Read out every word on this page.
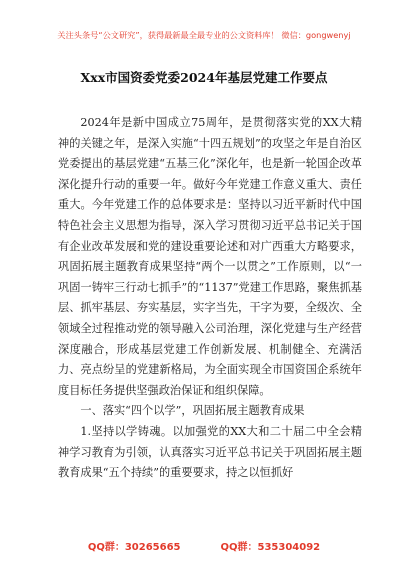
关注头条号“公文研究”，获得最新最全最专业的公文资料库！ 微信：gongwenyj
Xxx市国资委党委2024年基层党建工作要点

2024年是新中国成立75周年，是贯彻落实党的XX大精神的关键之年，是深入实施“十四五规划”的攻坚之年是自治区党委提出的基层党建“五基三化”深化年，也是新一轮国企改革深化提升行动的重要一年。做好今年党建工作意义重大、责任重大。今年党建工作的总体要求是：坚持以习近平新时代中国特色社会主义思想为指导，深入学习贯彻习近平总书记关于国有企业改革发展和党的建设重要论述和对广西重大方略要求，巩固拓展主题教育成果坚持“两个一以贯之”工作原则，以“一巩固一铸牢三行动七抓手”的“1137”党建工作思路，聚焦抓基层、抓牢基层、夯实基层，实字当先，干字为要，全级次、全领域全过程推动党的领导融入公司治理，深化党建与生产经营深度融合，形成基层党建工作创新发展、机制健全、充满活力、亮点纷呈的党建新格局，为全面实现全市国资国企系统年度目标任务提供坚强政治保证和组织保障。

一、落实“四个以学”，巩固拓展主题教育成果

1.坚持以学铸魂。以加强党的XX大和二十届二中全会精神学习教育为引领，认真落实习近平总书记关于巩固拓展主题教育成果“五个持续”的重要要求，持之以恒抓好

QQ群：30265665	QQ群：535304092
